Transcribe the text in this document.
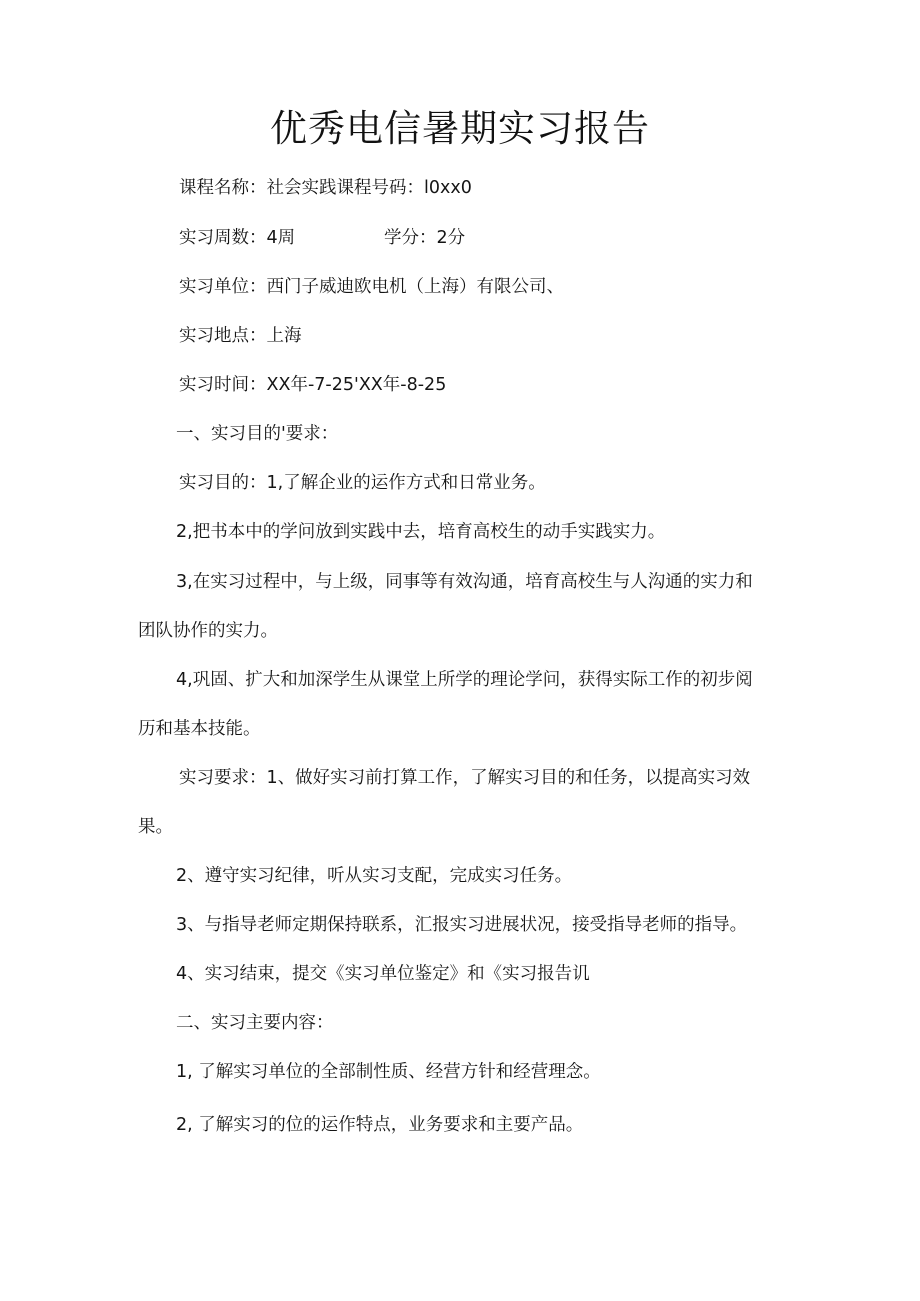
优秀电信暑期实习报告
课程名称：社会实践课程号码：l0xx0
实习周数：4周	学分：2分
实习单位：西门子威迪欧电机（上海）有限公司、
实习地点：上海
实习时间：XX年-7-25'XX年-8-25
一、实习目的'要求：
实习目的：1,了解企业的运作方式和日常业务。
2,把书本中的学问放到实践中去，培育高校生的动手实践实力。
3,在实习过程中，与上级，同事等有效沟通，培育高校生与人沟通的实力和
团队协作的实力。
4,巩固、扩大和加深学生从课堂上所学的理论学问，获得实际工作的初步阅
历和基本技能。
实习要求：1、做好实习前打算工作，了解实习目的和任务，以提高实习效
果。
2、遵守实习纪律，听从实习支配，完成实习任务。
3、与指导老师定期保持联系，汇报实习进展状况，接受指导老师的指导。
4、实习结束，提交《实习单位鉴定》和《实习报告讥
二、实习主要内容：
1, 了解实习单位的全部制性质、经营方针和经营理念。
2, 了解实习的位的运作特点，业务要求和主要产品。
